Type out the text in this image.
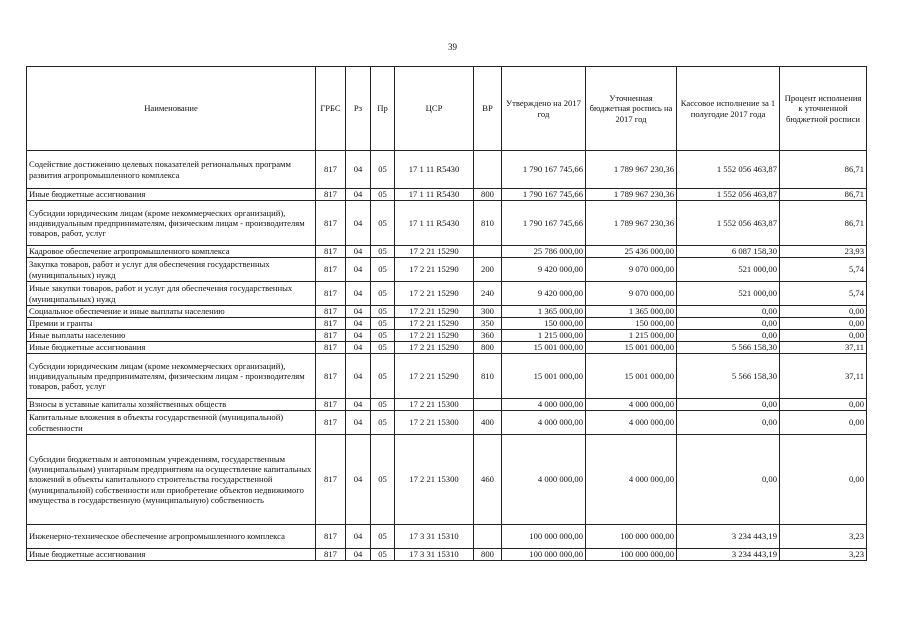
39
Наименование	ГРБС	Рз	Пр	ЦСР	ВР	Утверждено на 2017 год	Уточненная бюджетная роспись на 2017 год	Кассовое исполнение за 1 полугодие 2017 года	Процент исполнения к уточненной бюджетной росписи
Содействие достижению целевых показателей региональных программ развития агропромышленного комплекса	817	04	05	17 1 11 R5430		1 790 167 745,66	1 789 967 230,36	1 552 056 463,87	86,71
Иные бюджетные ассигнования	817	04	05	17 1 11 R5430	800	1 790 167 745,66	1 789 967 230,36	1 552 056 463,87	86,71
Субсидии юридическим лицам (кроме некоммерческих организаций), индивидуальным предпринимателям, физическим лицам - производителям товаров, работ, услуг	817	04	05	17 1 11 R5430	810	1 790 167 745,66	1 789 967 230,36	1 552 056 463,87	86,71
Кадровое обеспечение агропромышленного комплекса	817	04	05	17 2 21 15290		25 786 000,00	25 436 000,00	6 087 158,30	23,93
Закупка товаров, работ и услуг для обеспечения государственных (муниципальных) нужд	817	04	05	17 2 21 15290	200	9 420 000,00	9 070 000,00	521 000,00	5,74
Иные закупки товаров, работ и услуг для обеспечения государственных (муниципальных) нужд	817	04	05	17 2 21 15290	240	9 420 000,00	9 070 000,00	521 000,00	5,74
Социальное обеспечение и иные выплаты населению	817	04	05	17 2 21 15290	300	1 365 000,00	1 365 000,00	0,00	0,00
Премии и гранты	817	04	05	17 2 21 15290	350	150 000,00	150 000,00	0,00	0,00
Иные выплаты населению	817	04	05	17 2 21 15290	360	1 215 000,00	1 215 000,00	0,00	0,00
Иные бюджетные ассигнования	817	04	05	17 2 21 15290	800	15 001 000,00	15 001 000,00	5 566 158,30	37,11
Субсидии юридическим лицам (кроме некоммерческих организаций), индивидуальным предпринимателям, физическим лицам - производителям товаров, работ, услуг	817	04	05	17 2 21 15290	810	15 001 000,00	15 001 000,00	5 566 158,30	37,11
Взносы в уставные капиталы хозяйственных обществ	817	04	05	17 2 21 15300		4 000 000,00	4 000 000,00	0,00	0,00
Капитальные вложения в объекты государственной (муниципальной) собственности	817	04	05	17 2 21 15300	400	4 000 000,00	4 000 000,00	0,00	0,00
Субсидии бюджетным и автономным учреждениям, государственным (муниципальным) унитарным предприятиям на осуществление капитальных вложений в объекты капитального строительства государственной (муниципальной) собственности или приобретение объектов недвижимого имущества в государственную (муниципальную) собственность	817	04	05	17 2 21 15300	460	4 000 000,00	4 000 000,00	0,00	0,00
Инженерно-техническое обеспечение агропромышленного комплекса	817	04	05	17 3 31 15310		100 000 000,00	100 000 000,00	3 234 443,19	3,23
Иные бюджетные ассигнования	817	04	05	17 3 31 15310	800	100 000 000,00	100 000 000,00	3 234 443,19	3,23
